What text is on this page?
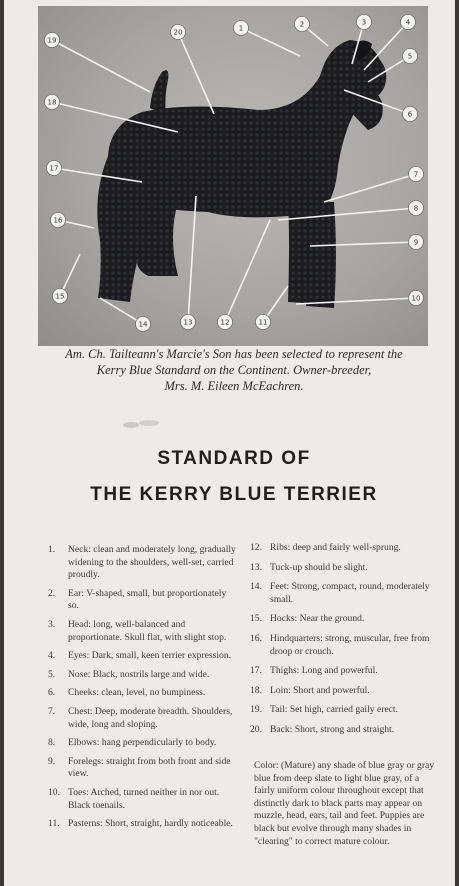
1	2	3	4
5
6
7
8
9
10
11
12
13
14
15
16
17
18
19
20
Am. Ch. Tailteann's Marcie's Son has been selected to represent the
Kerry Blue Standard on the Continent. Owner-breeder,
Mrs. M. Eileen McEachren.
STANDARD OF
THE KERRY BLUE TERRIER
1.	Neck: clean and moderately long, gradually widening to the shoulders, well-set, carried proudly.
2.	Ear: V-shaped, small, but proportionately so.
3.	Head: long, well-balanced and proportionate. Skull flat, with slight stop.
4.	Eyes: Dark, small, keen terrier expression.
5.	Nose: Black, nostrils large and wide.
6.	Cheeks: clean, level, no bumpiness.
7.	Chest: Deep, moderate breadth. Shoulders, wide, long and sloping.
8.	Elbows: hang perpendicularly to body.
9.	Forelegs: straight from both front and side view.
10. Toes: Arched, turned neither in nor out. Black toenails.
11. Pasterns: Short, straight, hardly noticeable.
12. Ribs: deep and fairly well-sprung.
13. Tuck-up should be slight.
14. Feet: Strong, compact, round, moderately small.
15. Hocks: Near the ground.
16. Hindquarters: strong, muscular, free from droop or crouch.
17. Thighs: Long and powerful.
18. Loin: Short and powerful.
19. Tail: Set high, carried gaily erect.
20. Back: Short, strong and straight.
Color: (Mature) any shade of blue gray or gray blue from deep slate to light blue gray, of a fairly uniform colour throughout except that distinctly dark to black parts may appear on muzzle, head, ears, tail and feet. Puppies are black but evolve through many shades in "clearing" to correct mature colour.
